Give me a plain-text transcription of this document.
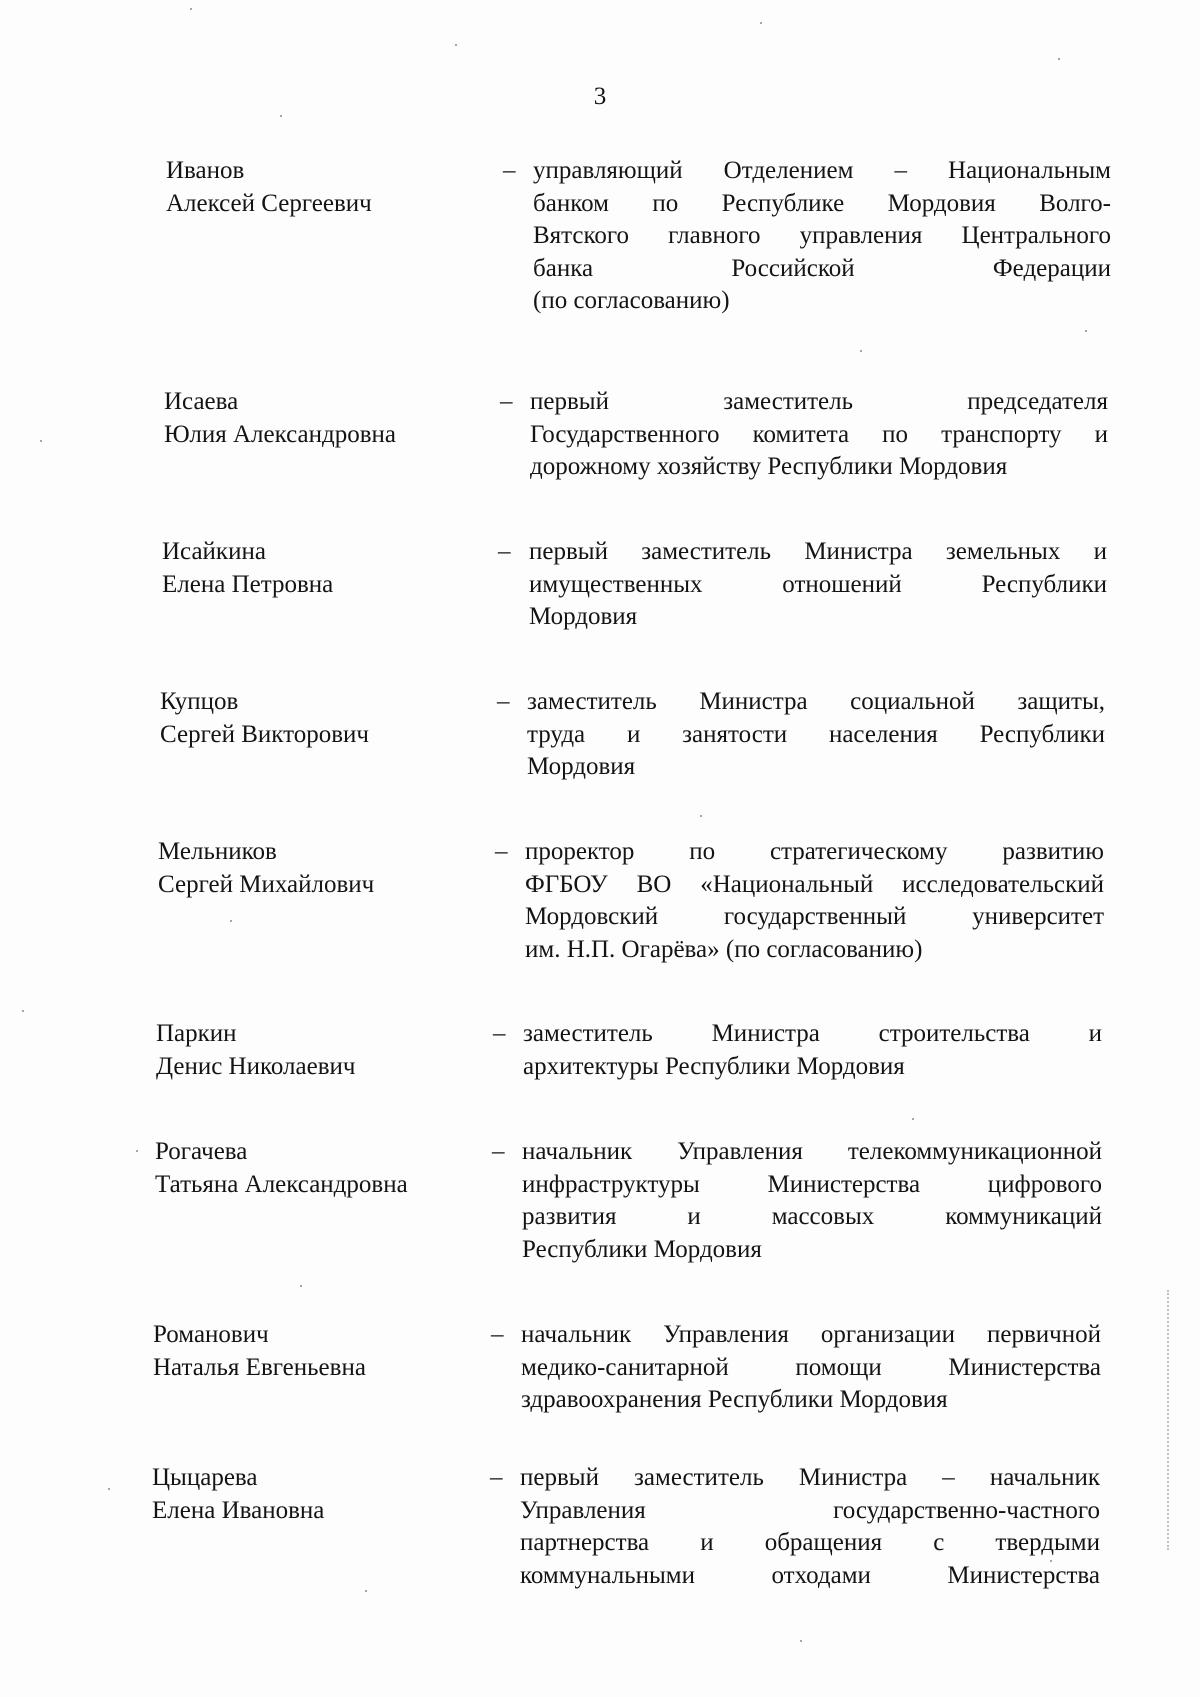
3
Иванов
Алексей Сергеевич
– управляющий Отделением – Национальным
банком по Республике Мордовия Волго-
Вятского главного управления Центрального
банка Российской Федерации
(по согласованию)
Исаева
Юлия Александровна
– первый заместитель председателя
Государственного комитета по транспорту и
дорожному хозяйству Республики Мордовия
Исайкина
Елена Петровна
– первый заместитель Министра земельных и
имущественных отношений Республики
Мордовия
Купцов
Сергей Викторович
– заместитель Министра социальной защиты,
труда и занятости населения Республики
Мордовия
Мельников
Сергей Михайлович
– проректор по стратегическому развитию
ФГБОУ ВО «Национальный исследовательский
Мордовский государственный университет
им. Н.П. Огарёва» (по согласованию)
Паркин
Денис Николаевич
– заместитель Министра строительства и
архитектуры Республики Мордовия
Рогачева
Татьяна Александровна
– начальник Управления телекоммуникационной
инфраструктуры Министерства цифрового
развития и массовых коммуникаций
Республики Мордовия
Романович
Наталья Евгеньевна
– начальник Управления организации первичной
медико-санитарной помощи Министерства
здравоохранения Республики Мордовия
Цыцарева
Елена Ивановна
– первый заместитель Министра – начальник
Управления государственно-частного
партнерства и обращения с твердыми
коммунальными отходами Министерства
